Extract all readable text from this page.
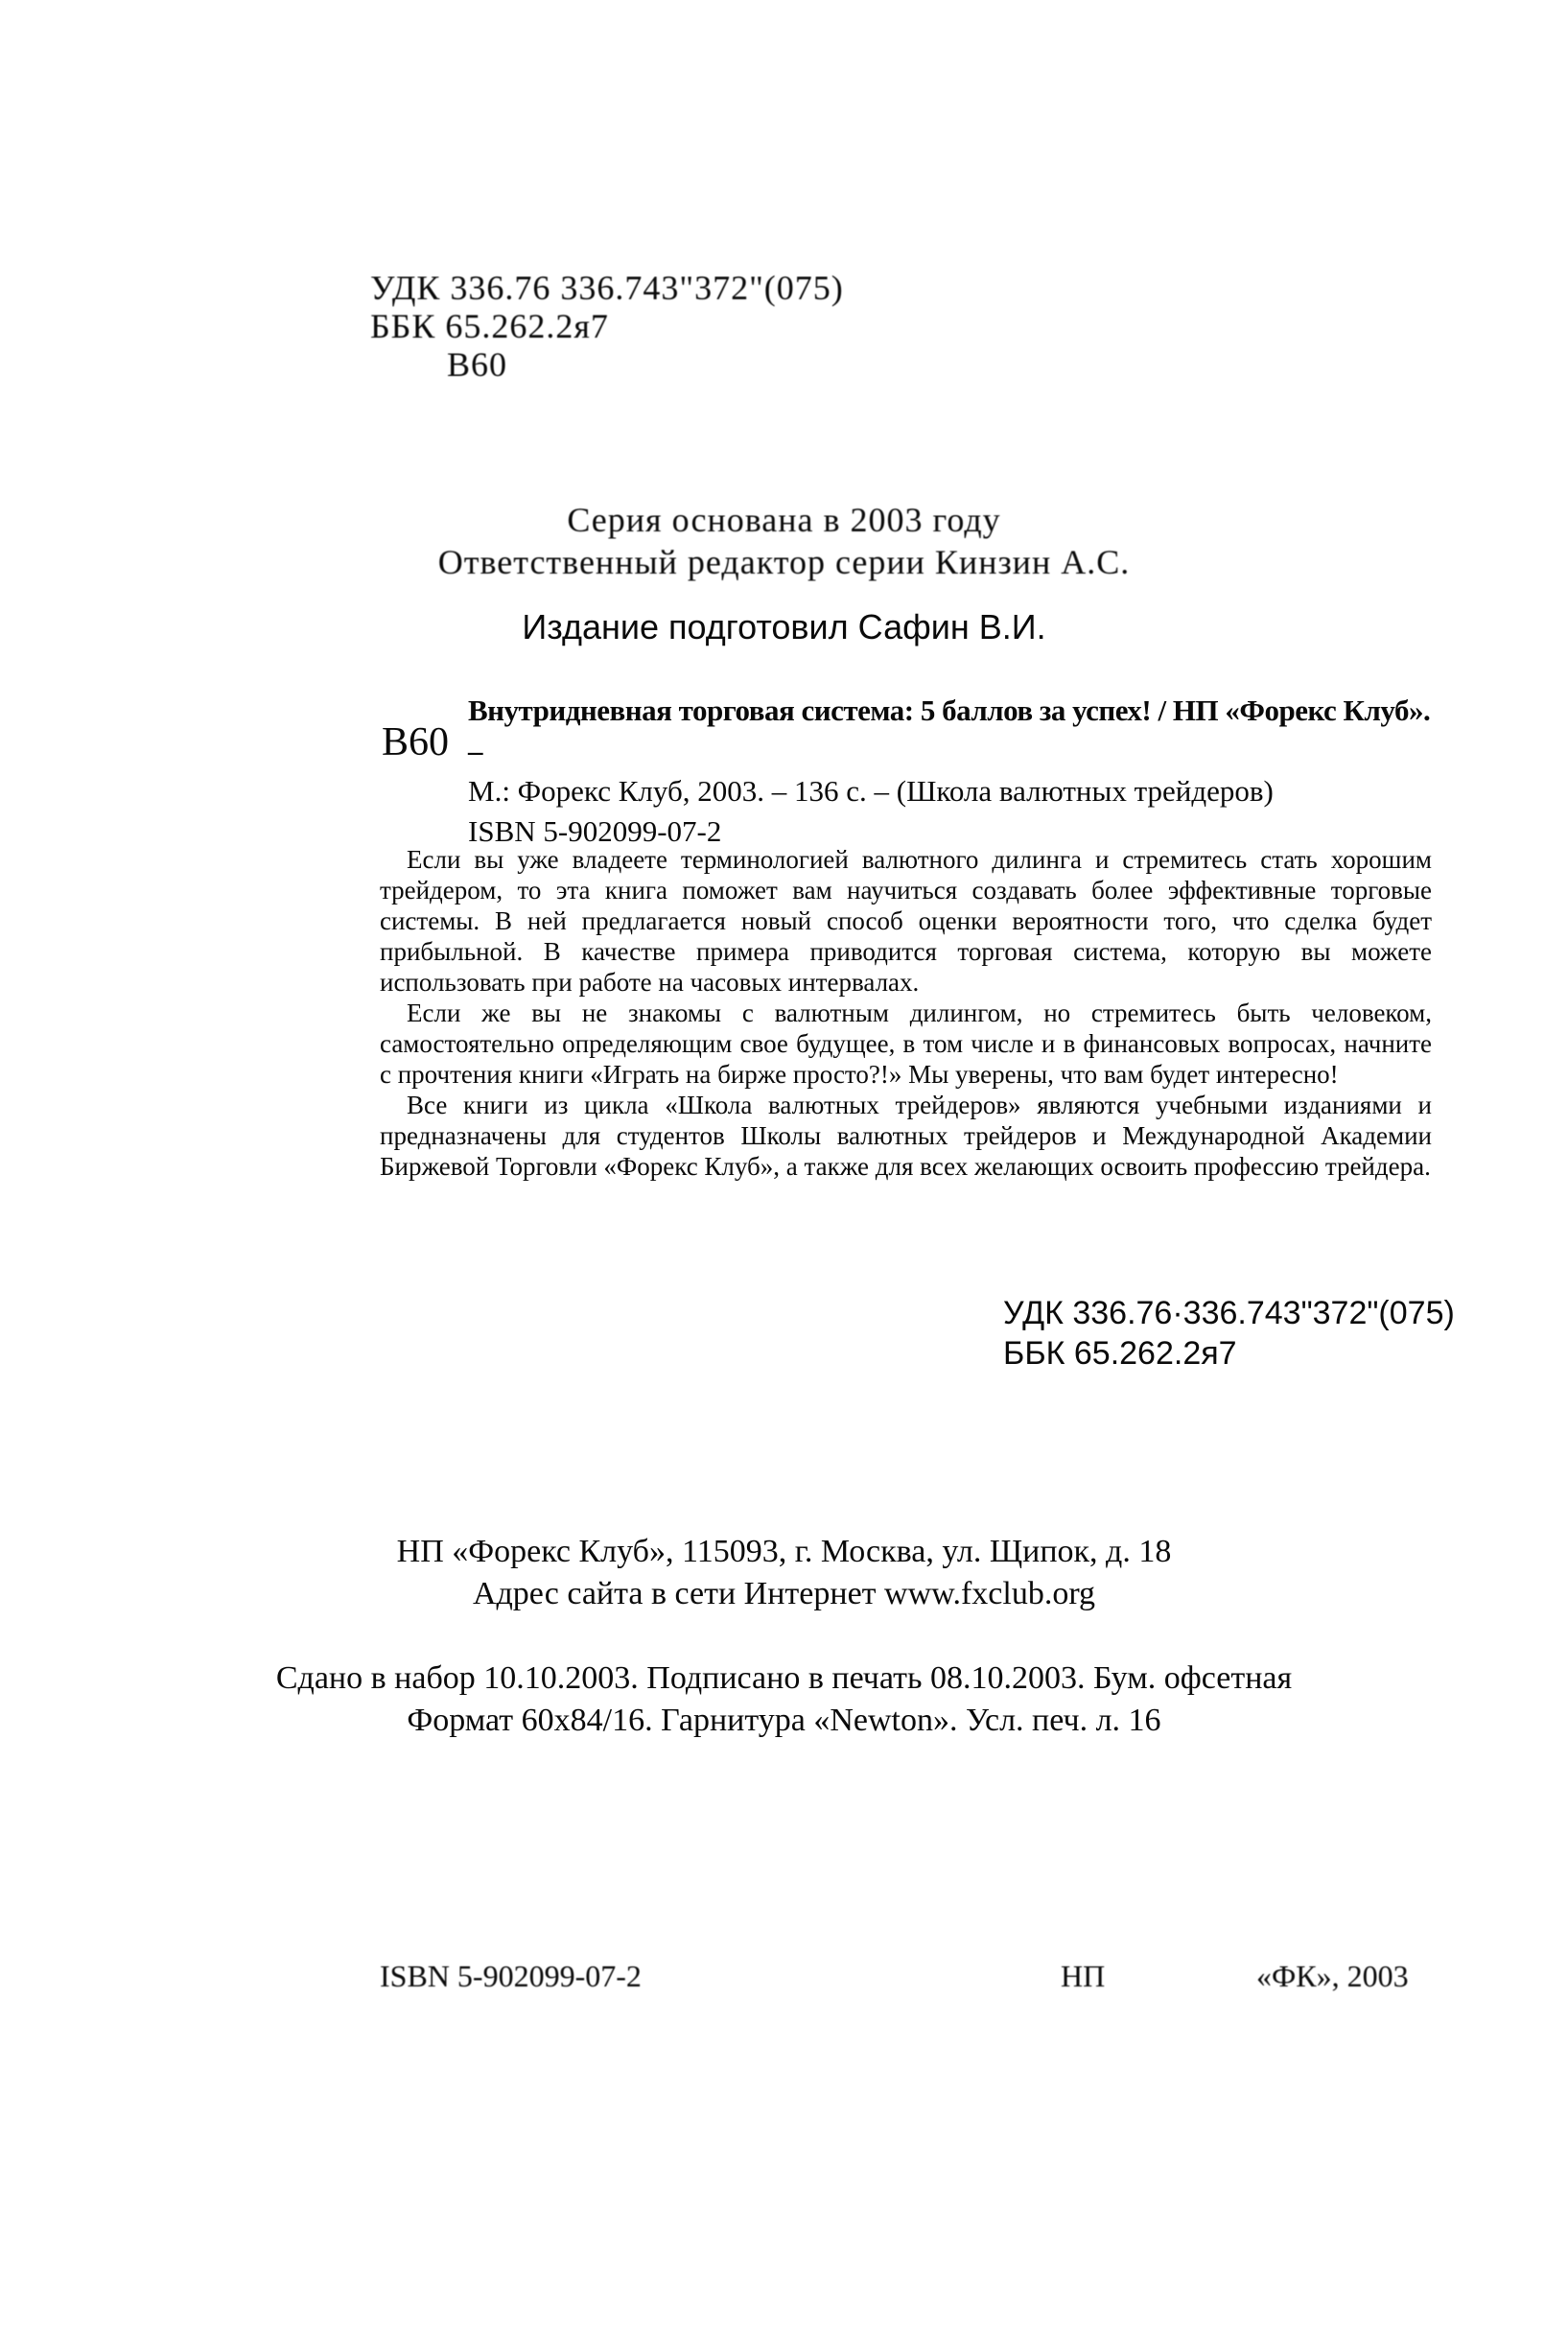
УДК 336.76 336.743"372"(075)
ББК 65.262.2я7
В60
Серия основана в 2003 году
Ответственный редактор серии Кинзин А.С.
Издание подготовил Сафин В.И.
В60
Внутридневная торговая система: 5 баллов за успех! / НП «Форекс Клуб». –
М.: Форекс Клуб, 2003. – 136 с. – (Школа валютных трейдеров)
ISBN 5-902099-07-2

Если вы уже владеете терминологией валютного дилинга и стремитесь стать хорошим трейдером, то эта книга поможет вам научиться создавать более эффективные торговые системы. В ней предлагается новый способ оценки вероятности того, что сделка будет прибыльной. В качестве примера приводится торговая система, которую вы можете использовать при работе на часовых интервалах.

Если же вы не знакомы с валютным дилингом, но стремитесь быть человеком, самостоятельно определяющим свое будущее, в том числе и в финансовых вопросах, начните с прочтения книги «Играть на бирже просто?!» Мы уверены, что вам будет интересно!

Все книги из цикла «Школа валютных трейдеров» являются учебными изданиями и предназначены для студентов Школы валютных трейдеров и Международной Академии Биржевой Торговли «Форекс Клуб», а также для всех желающих освоить профессию трейдера.

УДК 336.76·336.743"372"(075)
ББК 65.262.2я7
НП «Форекс Клуб», 115093, г. Москва, ул. Щипок, д. 18
Адрес сайта в сети Интернет www.fxclub.org
Сдано в набор 10.10.2003. Подписано в печать 08.10.2003. Бум. офсетная
Формат 60х84/16. Гарнитура «Newton». Усл. печ. л. 16
ISBN 5-902099-07-2	НП	«ФК», 2003
